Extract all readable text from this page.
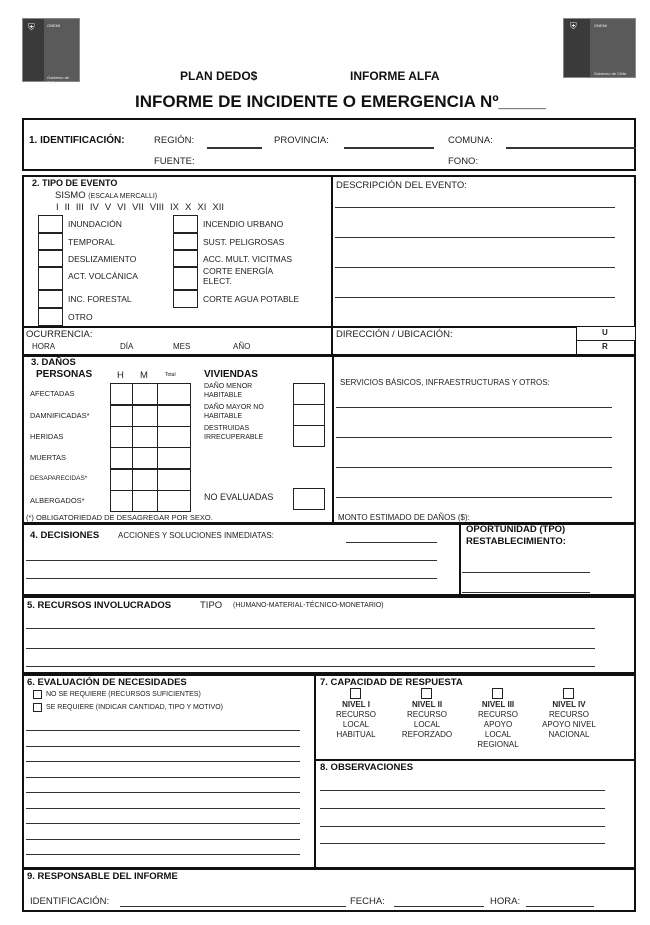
⛨	ONEMI
Gobierno de Chile
⛨	ONEMI
Gobierno de Chile
PLAN DEDO$	INFORME ALFA
INFORME DE INCIDENTE O EMERGENCIA Nº_____
1. IDENTIFICACIÓN:	REGIÓN:	PROVINCIA:	COMUNA:
FUENTE:	FONO:
2. TIPO DE EVENTO
SISMO (ESCALA MERCALLI)
I II III IV V VI VII VIII IX X XI XII
DESCRIPCIÓN DEL EVENTO:
OCURRENCIA:
HORA	DÍA	MES	AÑO
DIRECCIÓN / UBICACIÓN:	U
R
3. DAÑOS
PERSONAS	H M	Total	VIVIENDAS
NO EVALUADAS
(*) OBLIGATORIEDAD DE DESAGREGAR POR SEXO.
SERVICIOS BÁSICOS, INFRAESTRUCTURAS Y OTROS:
MONTO ESTIMADO DE DAÑOS ($):
4. DECISIONES ACCIONES Y SOLUCIONES INMEDIATAS:
OPORTUNIDAD (TPO)
RESTABLECIMIENTO:
5. RECURSOS INVOLUCRADOS	TIPO (HUMANO-MATERIAL-TÉCNICO-MONETARIO)
6. EVALUACIÓN DE NECESIDADES
NO SE REQUIERE (RECURSOS SUFICIENTES)
SE REQUIERE (INDICAR CANTIDAD, TIPO Y MOTIVO)
7. CAPACIDAD DE RESPUESTA
NIVEL I
RECURSO LOCAL HABITUAL
NIVEL II
RECURSO LOCAL REFORZADO
NIVEL III
RECURSO APOYO LOCAL REGIONAL
NIVEL IV
RECURSO APOYO NIVEL NACIONAL
8. OBSERVACIONES
9. RESPONSABLE DEL INFORME
IDENTIFICACIÓN:	FECHA:	HORA:
INUNDACIÓN
TEMPORAL
DESLIZAMIENTO
ACT. VOLCÁNICA
INC. FORESTAL
OTRO
INCENDIO URBANO
SUST. PELIGROSAS
ACC. MULT. VICITMAS
CORTE ENERGÍA ELECT.
CORTE AGUA POTABLE
AFECTADAS
DAMNIFICADAS*
HERIDAS
MUERTAS
DESAPARECIDAS*
ALBERGADOS*
DAÑO MENOR HABITABLE
DAÑO MAYOR NO HABITABLE
DESTRUIDAS IRRECUPERABLE
